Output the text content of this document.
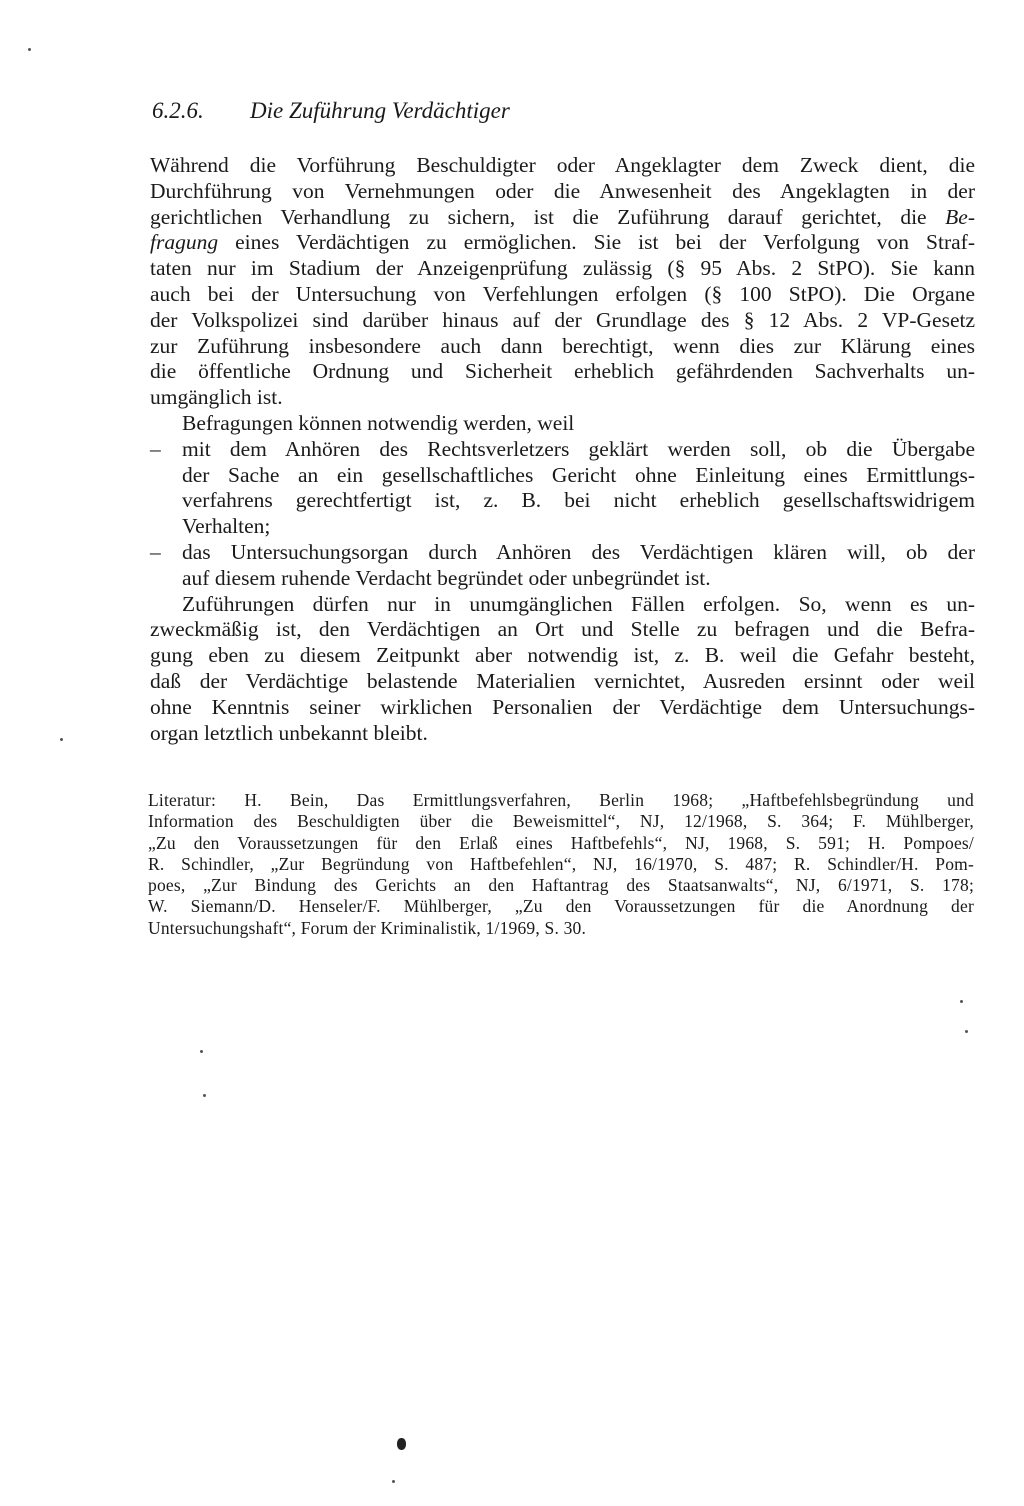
6.2.6. Die Zuführung Verdächtiger
Während die Vorführung Beschuldigter oder Angeklagter dem Zweck dient, die
Durchführung von Vernehmungen oder die Anwesenheit des Angeklagten in der
gerichtlichen Verhandlung zu sichern, ist die Zuführung darauf gerichtet, die Be-
fragung eines Verdächtigen zu ermöglichen. Sie ist bei der Verfolgung von Straf-
taten nur im Stadium der Anzeigenprüfung zulässig (§ 95 Abs. 2 StPO). Sie kann
auch bei der Untersuchung von Verfehlungen erfolgen (§ 100 StPO). Die Organe
der Volkspolizei sind darüber hinaus auf der Grundlage des § 12 Abs. 2 VP-Gesetz
zur Zuführung insbesondere auch dann berechtigt, wenn dies zur Klärung eines
die öffentliche Ordnung und Sicherheit erheblich gefährdenden Sachverhalts un-
umgänglich ist.
Befragungen können notwendig werden, weil
– mit dem Anhören des Rechtsverletzers geklärt werden soll, ob die Übergabe
der Sache an ein gesellschaftliches Gericht ohne Einleitung eines Ermittlungs-
verfahrens gerechtfertigt ist, z. B. bei nicht erheblich gesellschaftswidrigem
Verhalten;
– das Untersuchungsorgan durch Anhören des Verdächtigen klären will, ob der
auf diesem ruhende Verdacht begründet oder unbegründet ist.
Zuführungen dürfen nur in unumgänglichen Fällen erfolgen. So, wenn es un-
zweckmäßig ist, den Verdächtigen an Ort und Stelle zu befragen und die Befra-
gung eben zu diesem Zeitpunkt aber notwendig ist, z. B. weil die Gefahr besteht,
daß der Verdächtige belastende Materialien vernichtet, Ausreden ersinnt oder weil
ohne Kenntnis seiner wirklichen Personalien der Verdächtige dem Untersuchungs-
organ letztlich unbekannt bleibt.
Literatur: H. Bein, Das Ermittlungsverfahren, Berlin 1968; „Haftbefehlsbegründung und
Information des Beschuldigten über die Beweismittel“, NJ, 12/1968, S. 364; F. Mühlberger,
„Zu den Voraussetzungen für den Erlaß eines Haftbefehls“, NJ, 1968, S. 591; H. Pompoes/
R. Schindler, „Zur Begründung von Haftbefehlen“, NJ, 16/1970, S. 487; R. Schindler/H. Pom-
poes, „Zur Bindung des Gerichts an den Haftantrag des Staatsanwalts“, NJ, 6/1971, S. 178;
W. Siemann/D. Henseler/F. Mühlberger, „Zu den Voraussetzungen für die Anordnung der
Untersuchungshaft“, Forum der Kriminalistik, 1/1969, S. 30.
